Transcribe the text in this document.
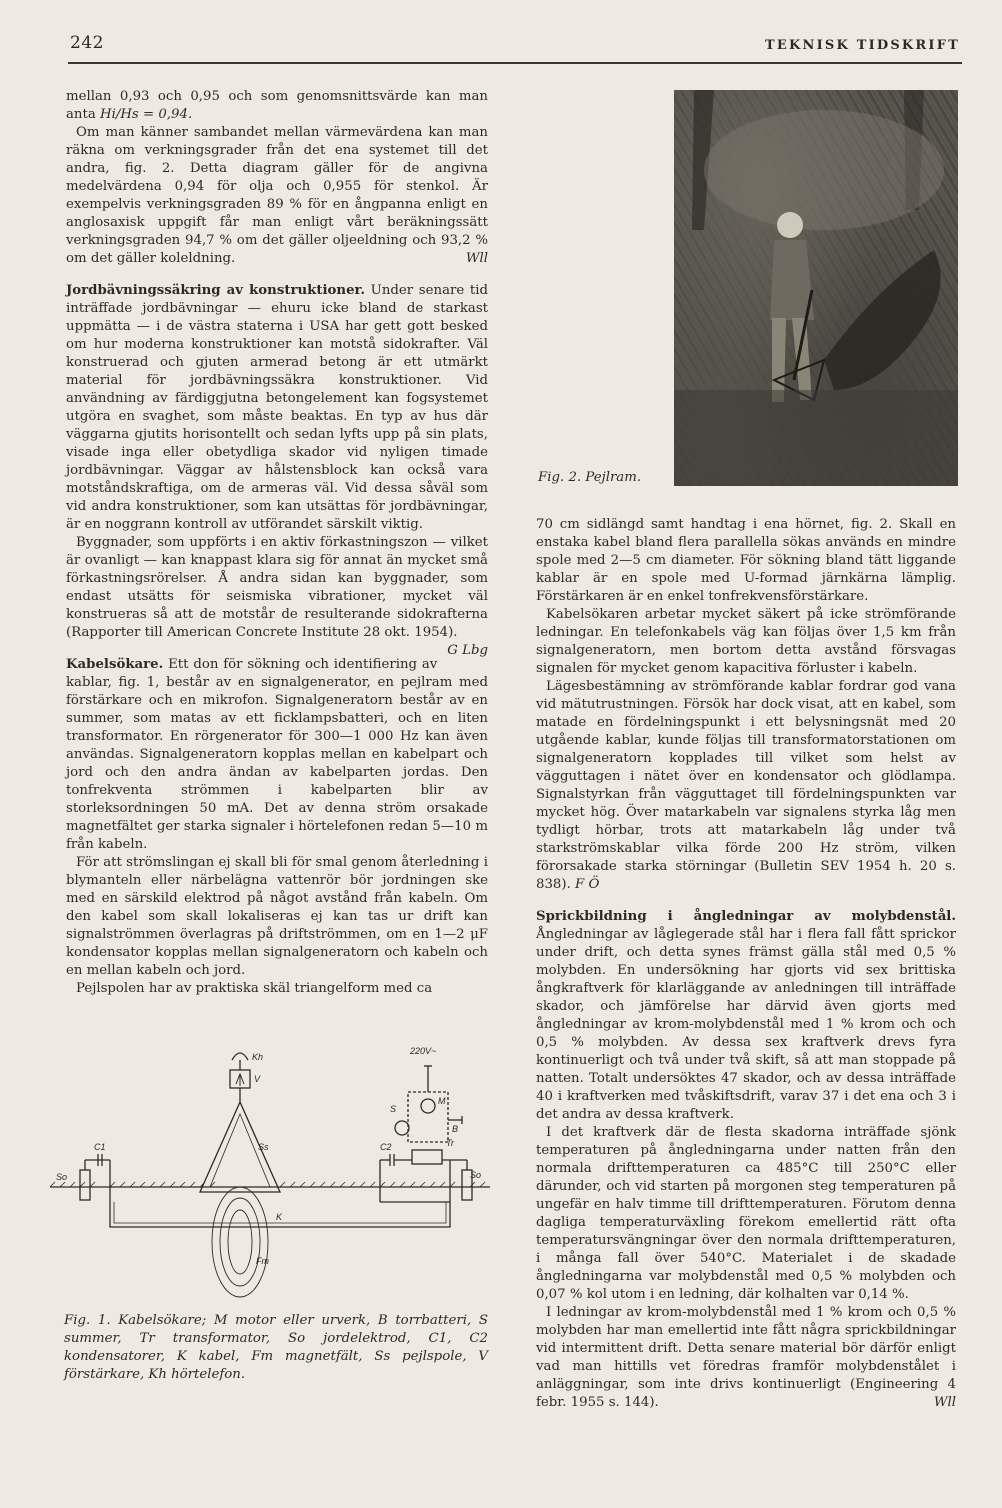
242	TEKNISK TIDSKRIFT

mellan 0,93 och 0,95 och som genomsnittsvärde kan man anta Hi/Hs = 0,94.

Om man känner sambandet mellan värmevärdena kan man räkna om verkningsgrader från det ena systemet till det andra, fig. 2. Detta diagram gäller för de angivna medelvärdena 0,94 för olja och 0,955 för stenkol. Är exempelvis verkningsgraden 89 % för en ångpanna enligt en anglosaxisk uppgift får man enligt vårt beräkningssätt verkningsgraden 94,7 % om det gäller oljeeldning och 93,2 % om det gäller koleldning.	Wll

Jordbävningssäkring av konstruktioner. Under senare tid inträffade jordbävningar — ehuru icke bland de starkast uppmätta — i de västra staterna i USA har gett gott besked om hur moderna konstruktioner kan motstå sidokrafter. Väl konstruerad och gjuten armerad betong är ett utmärkt material för jordbävningssäkra konstruktioner. Vid användning av färdiggjutna betongelement kan fogsystemet utgöra en svaghet, som måste beaktas. En typ av hus där väggarna gjutits horisontellt och sedan lyfts upp på sin plats, visade inga eller obetydliga skador vid nyligen timade jordbävningar. Väggar av hålstensblock kan också vara motståndskraftiga, om de armeras väl. Vid dessa såväl som vid andra konstruktioner, som kan utsättas för jordbävningar, är en noggrann kontroll av utförandet särskilt viktig.

Byggnader, som uppförts i en aktiv förkastningszon — vilket är ovanligt — kan knappast klara sig för annat än mycket små förkastningsrörelser. Å andra sidan kan byggnader, som endast utsätts för seismiska vibrationer, mycket väl konstrueras så att de motstår de resulterande sidokrafterna (Rapporter till American Concrete Institute 28 okt. 1954).
G Lbg

Kabelsökare. Ett don för sökning och identifiering av kablar, fig. 1, består av en signalgenerator, en pejlram med förstärkare och en mikrofon. Signalgeneratorn består av en summer, som matas av ett ficklampsbatteri, och en liten transformator. En rörgenerator för 300—1 000 Hz kan även användas. Signalgeneratorn kopplas mellan en kabelpart och jord och den andra ändan av kabelparten jordas. Den tonfrekventa strömmen i kabelparten blir av storleksordningen 50 mA. Det av denna ström orsakade magnetfältet ger starka signaler i hörtelefonen redan 5—10 m från kabeln.

För att strömslingan ej skall bli för smal genom återledning i blymanteln eller närbelägna vattenrör bör jordningen ske med en särskild elektrod på något avstånd från kabeln. Om den kabel som skall lokaliseras ej kan tas ur drift kan signalströmmen överlagras på driftströmmen, om en 1—2 μF kondensator kopplas mellan signalgeneratorn och kabeln och en mellan kabeln och jord.

Pejlspolen har av praktiska skäl triangelform med ca

Fig. 2. Pejlram.

70 cm sidlängd samt handtag i ena hörnet, fig. 2. Skall en enstaka kabel bland flera parallella sökas används en mindre spole med 2—5 cm diameter. För sökning bland tätt liggande kablar är en spole med U-formad järnkärna lämplig. Förstärkaren är en enkel tonfrekvensförstärkare.

Kabelsökaren arbetar mycket säkert på icke strömförande ledningar. En telefonkabels väg kan följas över 1,5 km från signalgeneratorn, men bortom detta avstånd försvagas signalen för mycket genom kapacitiva förluster i kabeln.

Lägesbestämning av strömförande kablar fordrar god vana vid mätutrustningen. Försök har dock visat, att en kabel, som matade en fördelningspunkt i ett belysningsnät med 20 utgående kablar, kunde följas till transformatorstationen om signalgeneratorn kopplades till vilket som helst av vägguttagen i nätet över en kondensator och glödlampa. Signalstyrkan från vägguttaget till fördelningspunkten var mycket hög. Över matarkabeln var signalens styrka låg men tydligt hörbar, trots att matarkabeln låg under två starkströmskablar vilka förde 200 Hz ström, vilken förorsakade starka störningar (Bulletin SEV 1954 h. 20 s. 838). F Ö

Sprickbildning i ångledningar av molybdenstål. Ångledningar av låglegerade stål har i flera fall fått sprickor under drift, och detta synes främst gälla stål med 0,5 % molybden. En undersökning har gjorts vid sex brittiska ångkraftverk för klarläggande av anledningen till inträffade skador, och jämförelse har därvid även gjorts med ångledningar av krom-molybdenstål med 1 % krom och och 0,5 % molybden. Av dessa sex kraftverk drevs fyra kontinuerligt och två under två skift, så att man stoppade på natten. Totalt undersöktes 47 skador, och av dessa inträffade 40 i kraftverken med tvåskiftsdrift, varav 37 i det ena och 3 i det andra av dessa kraftverk.

I det kraftverk där de flesta skadorna inträffade sjönk temperaturen på ångledningarna under natten från den normala drifttemperaturen ca 485°C till 250°C eller därunder, och vid starten på morgonen steg temperaturen på ungefär en halv timme till drifttemperaturen. Förutom denna dagliga temperaturväxling förekom emellertid rätt ofta temperatursvängningar över den normala drifttemperaturen, i många fall över 540°C. Materialet i de skadade ångledningarna var molybdenstål med 0,5 % molybden och 0,07 % kol utom i en ledning, där kolhalten var 0,14 %.

I ledningar av krom-molybdenstål med 1 % krom och 0,5 % molybden har man emellertid inte fått några sprickbildningar vid intermittent drift. Detta senare material bör därför enligt vad man hittills vet föredras framför molybdenstålet i anläggningar, som inte drivs kontinuerligt (Engineering 4 febr. 1955 s. 144).	Wll

Kh
V
Ss
C1
So
K
Fm
220V~
M
B
S
C2	Tr
So
Fig. 1. Kabelsökare; M motor eller urverk, B torrbatteri, S summer, Tr transformator, So jordelektrod, C1, C2 kondensatorer, K kabel, Fm magnetfält, Ss pejlspole, V förstärkare, Kh hörtelefon.
